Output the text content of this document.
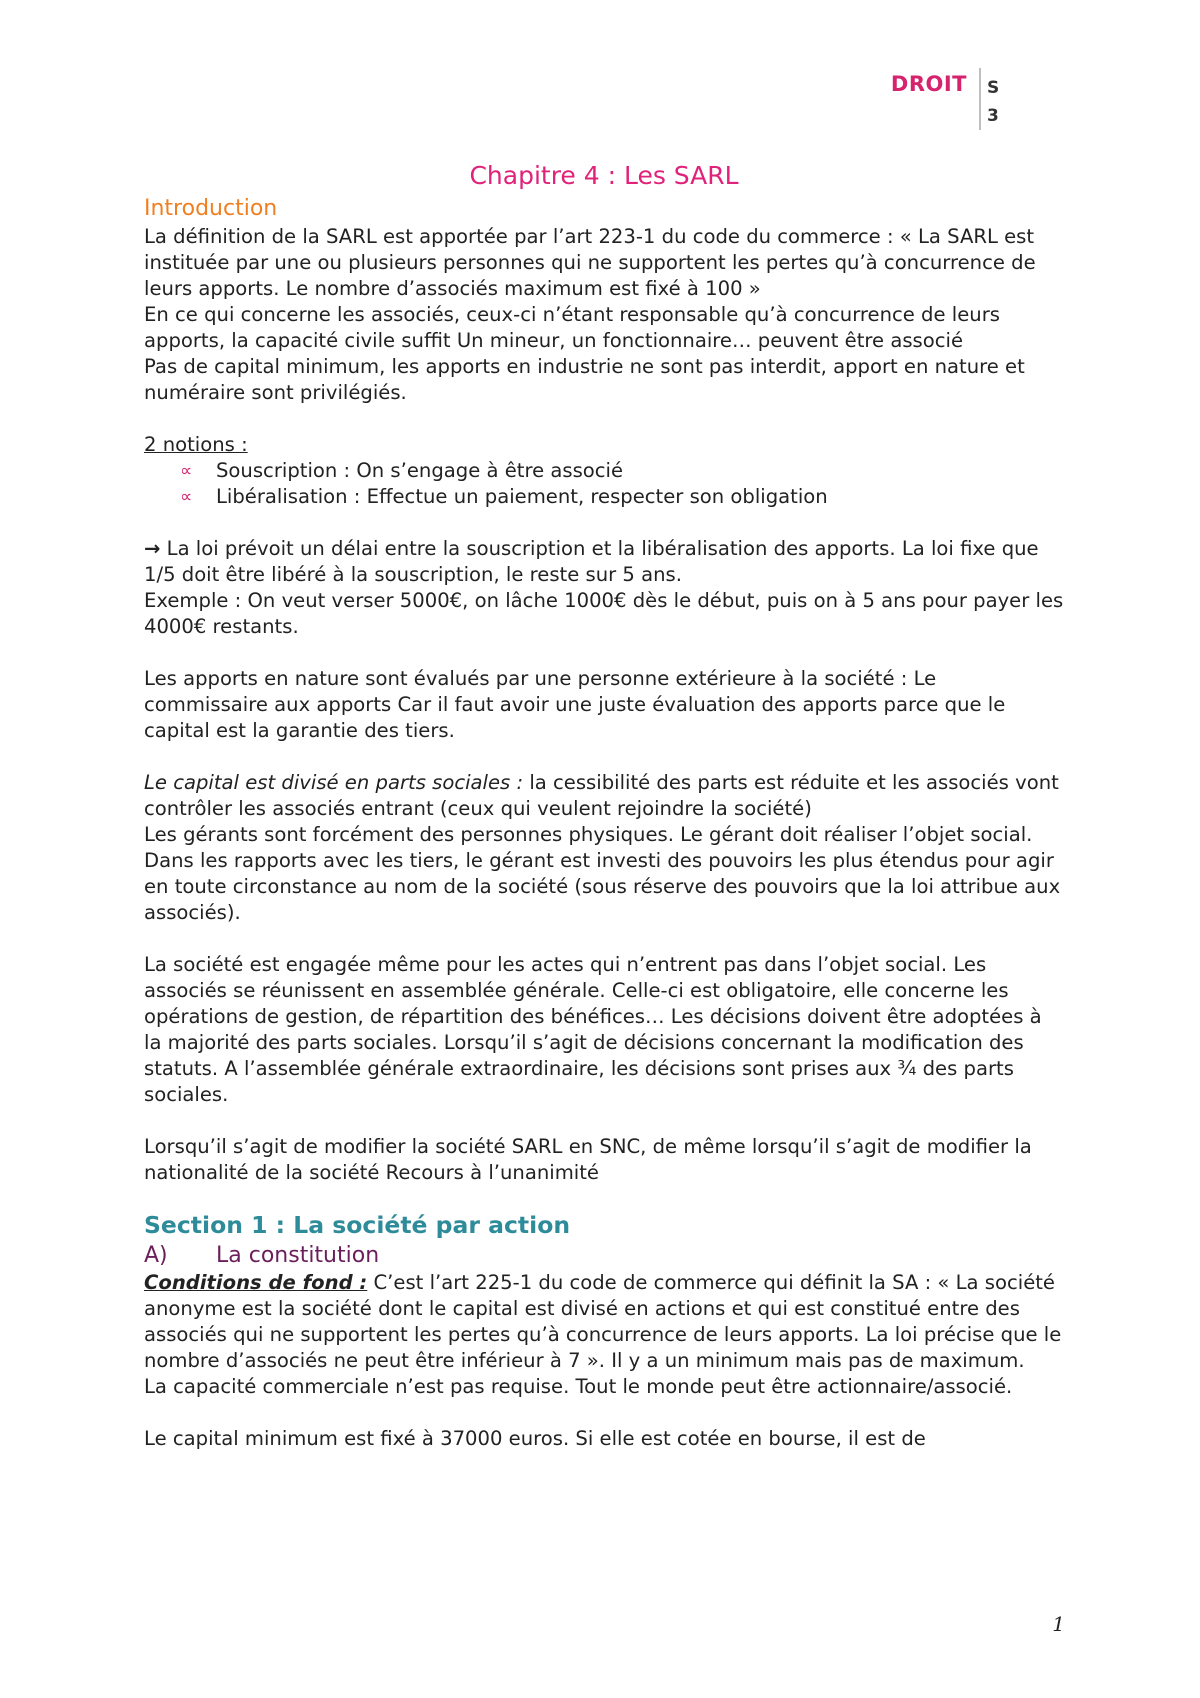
DROIT S
3
Chapitre 4 : Les SARL
Introduction

La définition de la SARL est apportée par l’art 223-1 du code du commerce : « La SARL est instituée par une ou plusieurs personnes qui ne supportent les pertes qu’à concurrence de leurs apports. Le nombre d’associés maximum est fixé à 100 »

En ce qui concerne les associés, ceux-ci n’étant responsable qu’à concurrence de leurs apports, la capacité civile suffit Un mineur, un fonctionnaire… peuvent être associé

Pas de capital minimum, les apports en industrie ne sont pas interdit, apport en nature et numéraire sont privilégiés.

2 notions :

∝ Souscription : On s’engage à être associé
∝ Libéralisation : Effectue un paiement, respecter son obligation

→ La loi prévoit un délai entre la souscription et la libéralisation des apports. La loi fixe que 1/5 doit être libéré à la souscription, le reste sur 5 ans.

Exemple : On veut verser 5000€, on lâche 1000€ dès le début, puis on à 5 ans pour payer les 4000€ restants.

Les apports en nature sont évalués par une personne extérieure à la société : Le commissaire aux apports Car il faut avoir une juste évaluation des apports parce que le capital est la garantie des tiers.

Le capital est divisé en parts sociales : la cessibilité des parts est réduite et les associés vont contrôler les associés entrant (ceux qui veulent rejoindre la société)

Les gérants sont forcément des personnes physiques. Le gérant doit réaliser l’objet social. Dans les rapports avec les tiers, le gérant est investi des pouvoirs les plus étendus pour agir en toute circonstance au nom de la société (sous réserve des pouvoirs que la loi attribue aux associés).

La société est engagée même pour les actes qui n’entrent pas dans l’objet social. Les associés se réunissent en assemblée générale. Celle-ci est obligatoire, elle concerne les opérations de gestion, de répartition des bénéfices… Les décisions doivent être adoptées à la majorité des parts sociales. Lorsqu’il s’agit de décisions concernant la modification des statuts. A l’assemblée générale extraordinaire, les décisions sont prises aux ¾ des parts sociales.

Lorsqu’il s’agit de modifier la société SARL en SNC, de même lorsqu’il s’agit de modifier la nationalité de la société Recours à l’unanimité

Section 1 : La société par action
A) La constitution

Conditions de fond : C’est l’art 225-1 du code de commerce qui définit la SA : « La société anonyme est la société dont le capital est divisé en actions et qui est constitué entre des associés qui ne supportent les pertes qu’à concurrence de leurs apports. La loi précise que le nombre d’associés ne peut être inférieur à 7 ». Il y a un minimum mais pas de maximum.

La capacité commerciale n’est pas requise. Tout le monde peut être actionnaire/associé.

Le capital minimum est fixé à 37000 euros. Si elle est cotée en bourse, il est de

1
